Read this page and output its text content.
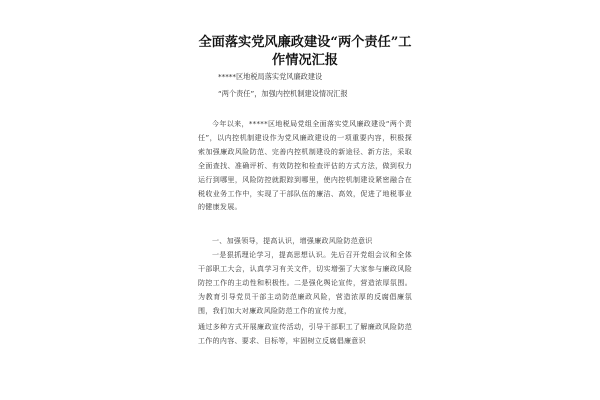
全面落实党风廉政建设“两个责任”工作情况汇报

*****区地税局落实党风廉政建设

“两个责任”，加强内控机制建设情况汇报

今年以来，*****区地税局党组全面落实党风廉政建设“两个责任”，以内控机制建设作为党风廉政建设的一项重要内容，积极探索加强廉政风险防范、完善内控机制建设的新途径、新方法，采取全面查找、准确评析、有效防控和检查评估的方式方法，做到权力运行到哪里，风险防控就跟踪到哪里，使内控机制建设紧密融合在税收业务工作中，实现了干部队伍的廉洁、高效，促进了地税事业的健康发展。

一、加强领导，提高认识，增强廉政风险防范意识

一是狠抓理论学习，提高思想认识。先后召开党组会议和全体干部职工大会，认真学习有关文件，切实增强了大家参与廉政风险防控工作的主动性和积极性。二是强化舆论宣传，营造浓厚氛围。为教育引导党员干部主动防范廉政风险，营造浓厚的反腐倡廉氛围，我们加大对廉政风险防范工作的宣传力度，

通过多种方式开展廉政宣传活动，引导干部职工了解廉政风险防范工作的内容、要求、目标等，牢固树立反腐倡廉意识
